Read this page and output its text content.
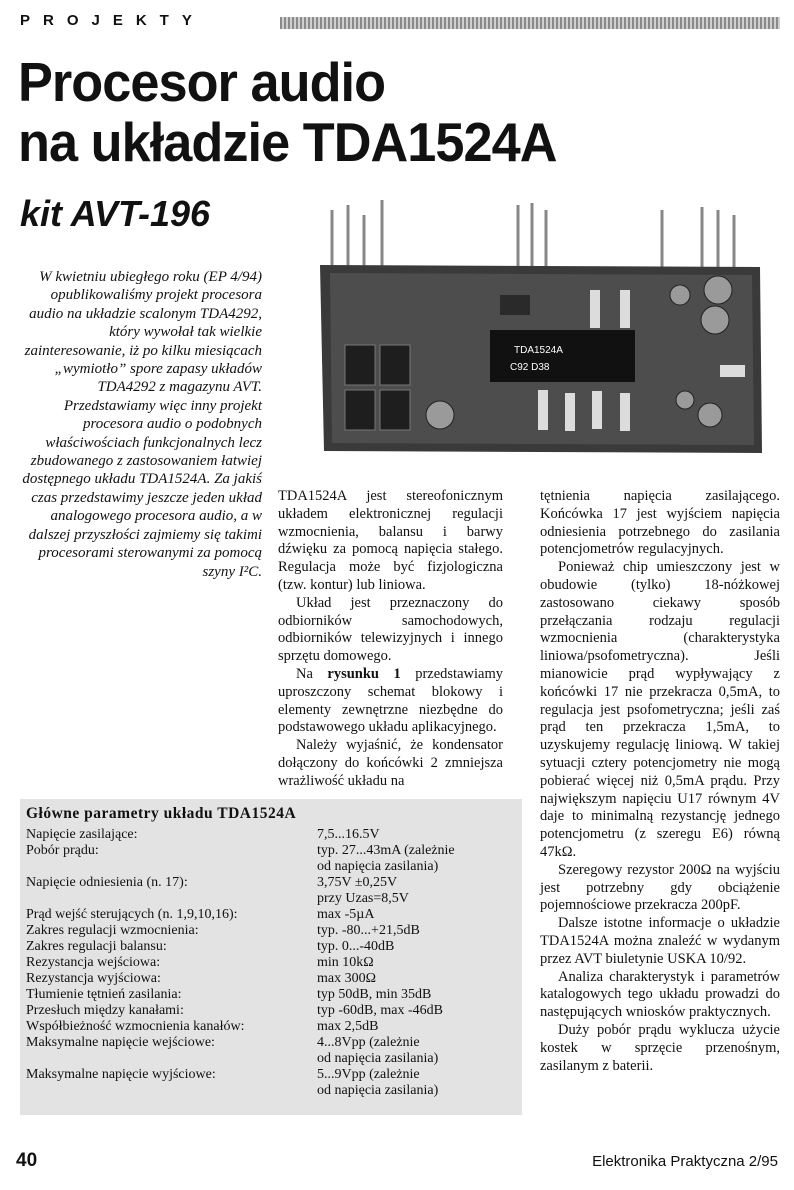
PROJEKTY
Procesor audio
na układzie TDA1524A
kit AVT-196
TDA1524A
C92 D38

W kwietniu ubiegłego roku (EP 4/94) opublikowaliśmy projekt procesora audio na układzie scalonym TDA4292, który wywołał tak wielkie zainteresowanie, iż po kilku miesiącach „wymiotło” spore zapasy układów TDA4292 z magazynu AVT. Przedstawiamy więc inny projekt procesora audio o podobnych właściwościach funkcjonalnych lecz zbudowanego z zastosowaniem łatwiej dostępnego układu TDA1524A. Za jakiś czas przedstawimy jeszcze jeden układ analogowego procesora audio, a w dalszej przyszłości zajmiemy się takimi procesorami sterowanymi za pomocą szyny I²C.

TDA1524A jest stereofonicznym układem elektronicznej regulacji wzmocnienia, balansu i barwy dźwięku za pomocą napięcia stałego. Regulacja może być fizjologiczna (tzw. kontur) lub liniowa.

Układ jest przeznaczony do odbiorników samochodowych, odbiorników telewizyjnych i innego sprzętu domowego.

Na rysunku 1 przedstawiamy uproszczony schemat blokowy i elementy zewnętrzne niezbędne do podstawowego układu aplikacyjnego.

Należy wyjaśnić, że kondensator dołączony do końcówki 2 zmniejsza wrażliwość układu na

tętnienia napięcia zasilającego. Końcówka 17 jest wyjściem napięcia odniesienia potrzebnego do zasilania potencjometrów regulacyjnych.

Ponieważ chip umieszczony jest w obudowie (tylko) 18-nóżkowej zastosowano ciekawy sposób przełączania rodzaju regulacji wzmocnienia (charakterystyka liniowa/psofometryczna). Jeśli mianowicie prąd wypływający z końcówki 17 nie przekracza 0,5mA, to regulacja jest psofometryczna; jeśli zaś prąd ten przekracza 1,5mA, to uzyskujemy regulację liniową. W takiej sytuacji cztery potencjometry nie mogą pobierać więcej niż 0,5mA prądu. Przy największym napięciu U17 równym 4V daje to minimalną rezystancję jednego potencjometru (z szeregu E6) równą 47kΩ.

Szeregowy rezystor 200Ω na wyjściu jest potrzebny gdy obciążenie pojemnościowe przekracza 200pF.

Dalsze istotne informacje o układzie TDA1524A można znaleźć w wydanym przez AVT biuletynie USKA 10/92.

Analiza charakterystyk i parametrów katalogowych tego układu prowadzi do następujących wniosków praktycznych.

Duży pobór prądu wyklucza użycie kostek w sprzęcie przenośnym, zasilanym z baterii.

Główne parametry układu TDA1524A
Napięcie zasilające:	7,5...16.5V

Pobór prądu:	typ. 27...43mA (zależnie
od napięcia zasilania)

Napięcie odniesienia (n. 17):	3,75V ±0,25V
przy Uzas=8,5V

Prąd wejść sterujących (n. 1,9,10,16):	max -5µA

Zakres regulacji wzmocnienia:	typ. -80...+21,5dB

Zakres regulacji balansu:	typ. 0...-40dB

Rezystancja wejściowa:	min 10kΩ

Rezystancja wyjściowa:	max 300Ω

Tłumienie tętnień zasilania:	typ 50dB, min 35dB

Przesłuch między kanałami:	typ -60dB, max -46dB

Współbieżność wzmocnienia kanałów:	max 2,5dB

Maksymalne napięcie wejściowe:	4...8Vpp (zależnie
od napięcia zasilania)

Maksymalne napięcie wyjściowe:	5...9Vpp (zależnie
od napięcia zasilania)
40	Elektronika Praktyczna 2/95
